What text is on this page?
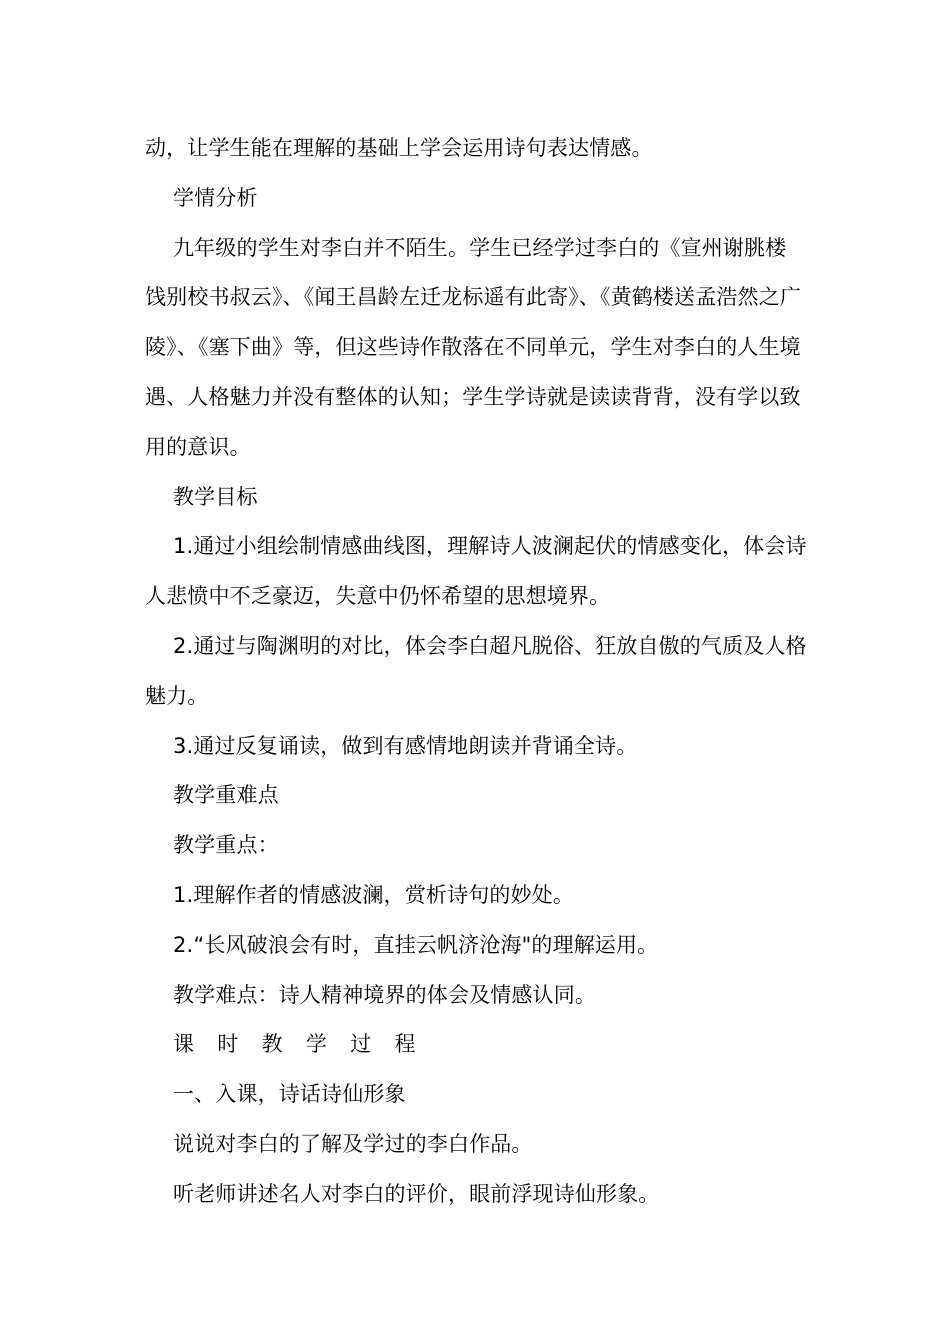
动，让学生能在理解的基础上学会运用诗句表达情感。

学情分析

九年级的学生对李白并不陌生。学生已经学过李白的《宣州谢朓楼饯别校书叔云》、《闻王昌龄左迁龙标遥有此寄》、《黄鹤楼送孟浩然之广陵》、《塞下曲》等，但这些诗作散落在不同单元，学生对李白的人生境遇、人格魅力并没有整体的认知；学生学诗就是读读背背，没有学以致用的意识。

教学目标

1.通过小组绘制情感曲线图，理解诗人波澜起伏的情感变化，体会诗人悲愤中不乏豪迈，失意中仍怀希望的思想境界。

2.通过与陶渊明的对比，体会李白超凡脱俗、狂放自傲的气质及人格魅力。

3.通过反复诵读，做到有感情地朗读并背诵全诗。

教学重难点

教学重点：

1.理解作者的情感波澜，赏析诗句的妙处。

2.“长风破浪会有时，直挂云帆济沧海"的理解运用。

教学难点：诗人精神境界的体会及情感认同。

课时教学过程

一、入课，诗话诗仙形象

说说对李白的了解及学过的李白作品。

听老师讲述名人对李白的评价，眼前浮现诗仙形象。
